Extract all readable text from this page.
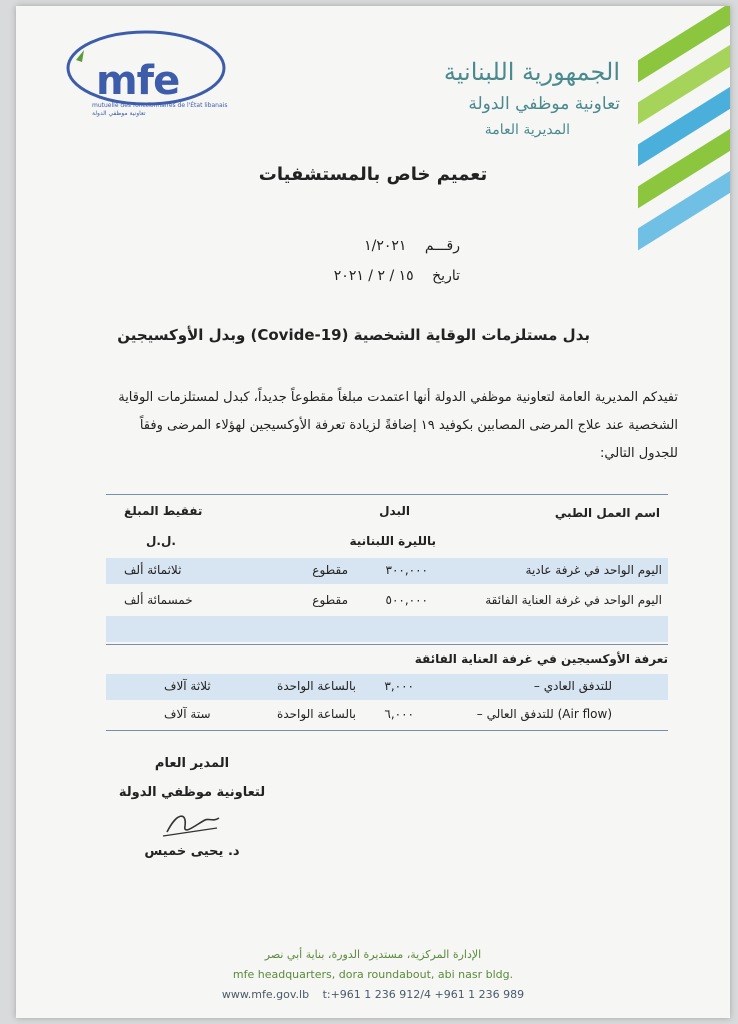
mfe
mutuelle des fonctionnaires de l'État libanais
تعاونية موظفي الدولة
الجمهورية اللبنانية
تعاونية موظفي الدولة
المديرية العامة
تعميم خاص بالمستشفيات
رقـــم ١/٢٠٢١
تاريخ ١٥ / ٢ / ٢٠٢١
بدل مستلزمات الوقاية الشخصية (Covide-19) وبدل الأوكسيجين
تفيدكم المديرية العامة لتعاونية موظفي الدولة أنها اعتمدت مبلغاً مقطوعاً جديداً، كبدل لمستلزمات الوقاية
الشخصية عند علاج المرضى المصابين بكوفيد ١٩ إضافةً لزيادة تعرفة الأوكسيجين لهؤلاء المرضى وفقاً
للجدول التالي:
اسم العمل الطبي
البدل
تفقيط المبلغ
بالليرة اللبنانية
ل.ل.
اليوم الواحد في غرفة عادية
٣٠٠,٠٠٠
مقطوع
ثلاثمائة ألف
اليوم الواحد في غرفة العناية الفائقة
٥٠٠,٠٠٠
مقطوع
خمسمائة ألف
تعرفة الأوكسيجين في غرفة العناية الفائقة
– للتدفق العادي
٣,٠٠٠
بالساعة الواحدة
ثلاثة آلاف
– للتدفق العالي (Air flow)
٦,٠٠٠
بالساعة الواحدة
ستة آلاف
المدير العام
لتعاونية موظفي الدولة
د. يحيى خميس
الإدارة المركزية، مستديرة الدورة، بناية أبي نصر
mfe headquarters, dora roundabout, abi nasr bldg.
www.mfe.gov.lb t:+961 1 236 912/4 +961 1 236 989
